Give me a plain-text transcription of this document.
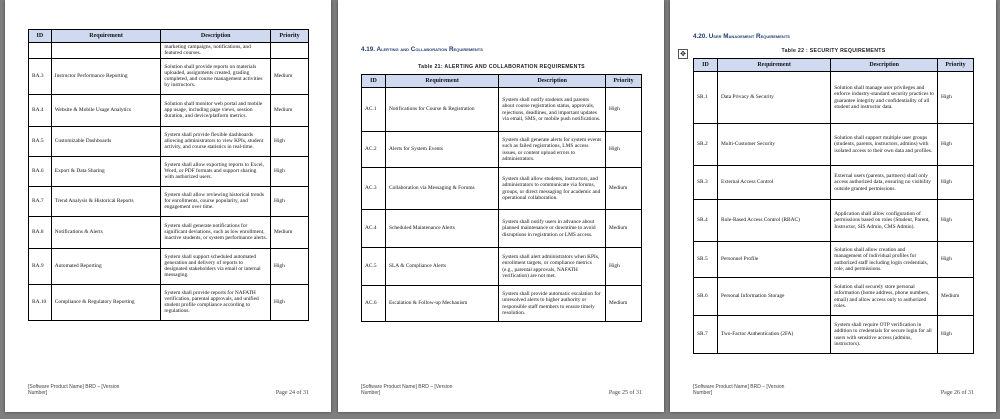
ID	Requirement	Description	Priority
		marketing campaigns, notifications, and featured courses.	
RA.3	Instructor Performance Reporting	Solution shall provide reports on materials uploaded, assignments created, grading completed, and course management activities by instructors.	Medium
RA.4	Website & Mobile Usage Analytics	Solution shall monitor web portal and mobile app usage, including page views, session duration, and device/platform metrics.	Medium
RA.5	Customizable Dashboards	System shall provide flexible dashboards allowing administrators to view KPIs, student activity, and course statistics in real-time.	High
RA.6	Export & Data Sharing	System shall allow exporting reports to Excel, Word, or PDF formats and support sharing with authorized users.	High
RA.7	Trend Analysis & Historical Reports	System shall allow reviewing historical trends for enrollments, course popularity, and engagement over time.	High
RA.8	Notifications & Alerts	System shall generate notifications for significant deviations, such as low enrollment, inactive students, or system performance alerts.	Medium
RA.9	Automated Reporting	System shall support scheduled automated generation and delivery of reports to designated stakeholders via email or internal messaging.	High
RA.10	Compliance & Regulatory Reporting	System shall provide reports for NAFATH verification, parental approvals, and unified student profile compliance according to regulations.	High
[Software Product Name] BRD – [Version Number]	Page 24 of 31
4.19. Alerting and Collaboration Requirements
Table 21: ALERTING AND COLLABORATION REQUIREMENTS
ID	Requirement	Description	Priority
AC.1	Notifications for Course & Registration	System shall notify students and parents about course registration status, approvals, rejections, deadlines, and important updates via email, SMS, or mobile push notifications.	High
AC.2	Alerts for System Events	System shall generate alerts for system events such as failed registrations, LMS access issues, or content upload errors to administrators.	High
AC.3	Collaboration via Messaging & Forums	System shall allow students, instructors, and administrators to communicate via forums, groups, or direct messaging for academic and operational collaboration.	Medium
AC.4	Scheduled Maintenance Alerts	System shall notify users in advance about planned maintenance or downtime to avoid disruptions in registration or LMS access.	Medium
AC.5	SLA & Compliance Alerts	System shall alert administrators when KPIs, enrollment targets, or compliance metrics (e.g., parental approvals, NAFATH verification) are not met.	High
AC.6	Escalation & Follow-up Mechanism	System shall provide automatic escalation for unresolved alerts to higher authority or responsible staff members to ensure timely resolution.	Medium
[Software Product Name] BRD – [Version Number]	Page 25 of 31
✥
4.20. User Management Requirements
Table 22 : SECURITY REQUIREMENTS
ID	Requirement	Description	Priority
SR.1	Data Privacy & Security	Solution shall manage user privileges and enforce industry-standard security practices to guarantee integrity and confidentiality of all student and instructor data.	High
SR.2	Multi-Customer Security	Solution shall support multiple user groups (students, parents, instructors, admins) with isolated access to their own data and profiles.	High
SR.3	External Access Control	External users (parents, partners) shall only access authorized data, ensuring no visibility outside granted permissions.	High
SR.4	Role-Based Access Control (RBAC)	Application shall allow configuration of permissions based on roles (Student, Parent, Instructor, SIS Admin, CMS Admin).	High
SR.5	Personnel Profile	Solution shall allow creation and management of individual profiles for authorized staff including login credentials, role, and permissions.	High
SR.6	Personal Information Storage	Solution shall securely store personal information (home address, phone numbers, email) and allow access only to authorized roles.	Medium
SR.7	Two-Factor Authentication (2FA)	System shall require OTP verification in addition to credentials for secure login for all users with sensitive access (admins, instructors).	High
[Software Product Name] BRD – [Version Number]	Page 26 of 31
